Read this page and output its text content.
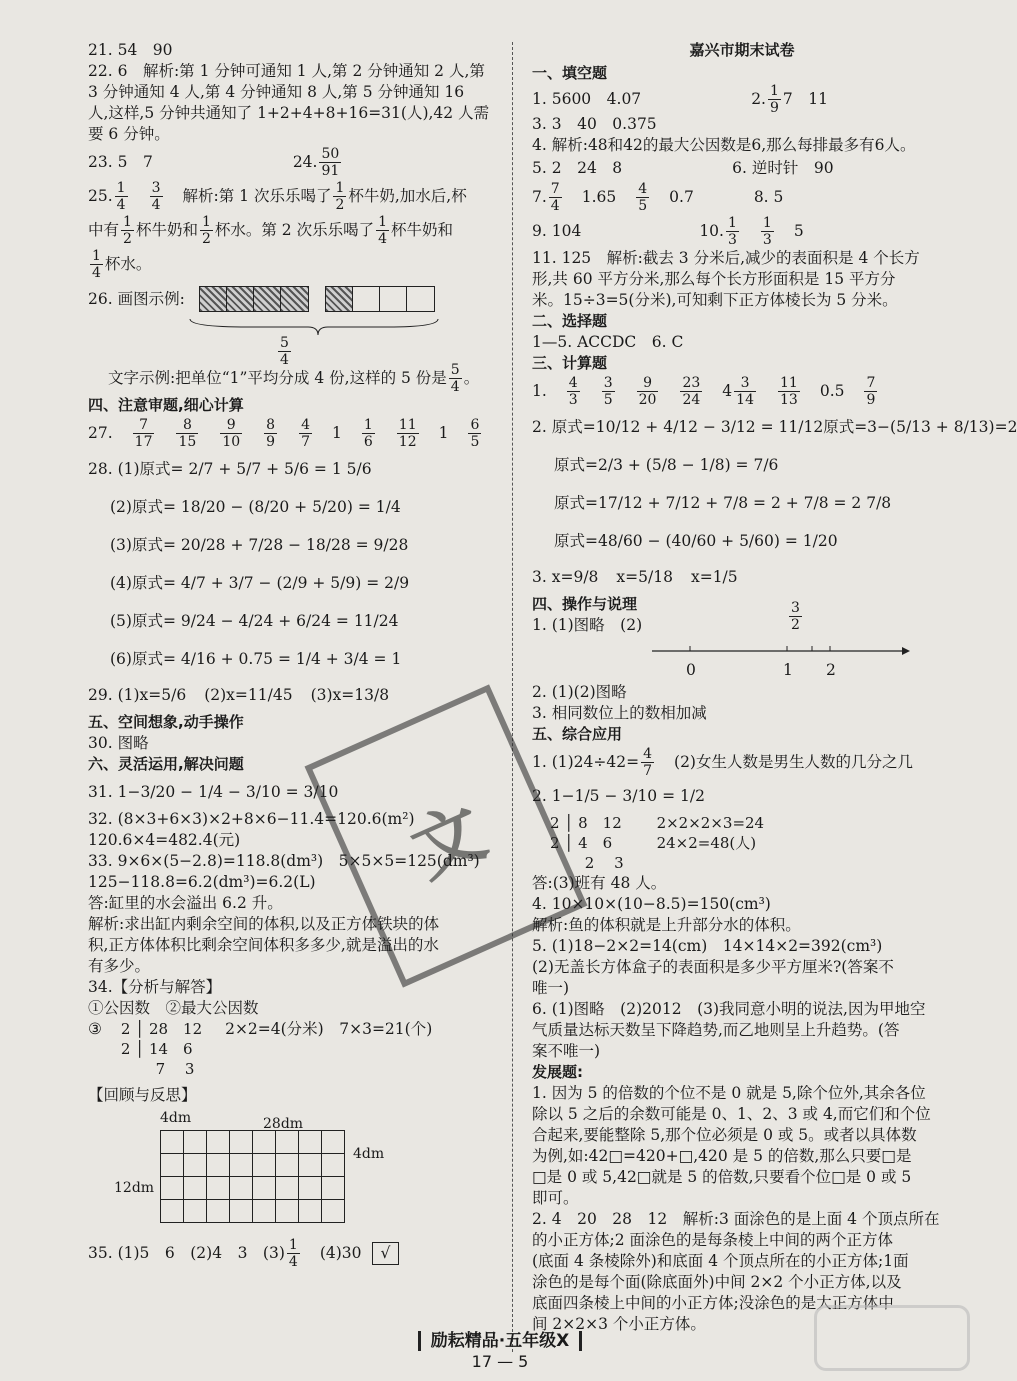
21. 54　90
22. 6　解析:第 1 分钟可通知 1 人,第 2 分钟通知 2 人,第
3 分钟通知 4 人,第 4 分钟通知 8 人,第 5 分钟通知 16
人,这样,5 分钟共通知了 1+2+4+8+16=31(人),42 人需
要 6 分钟。
23. 5　7	24. $\frac{50}{91}$
25. $\frac{1}{4} \frac{3}{4}$ 解析:第 1 次乐乐喝了 $\frac{1}{2}$ 杯牛奶,加水后,杯
中有 $\frac{1}{2}$ 杯牛奶和 $\frac{1}{2}$ 杯水。第 2 次乐乐喝了 $\frac{1}{4}$ 杯牛奶和
$\frac{1}{4}$ 杯水。
26. 画图示例:
$\frac{5}{4}$
文字示例:把单位“1”平均分成 4 份,这样的 5 份是 $\frac{5}{4}$ 。
四、注意审题,细心计算
27. $\frac{7}{17} \frac{8}{15} \frac{9}{10} \frac{8}{9} \frac{4}{7} 1 \frac{1}{6} \frac{11}{12} 1 \frac{6}{5}$
28. (1)原式= 2/7 + 5/7 + 5/6 = 1 5/6
(2)原式= 18/20 − (8/20 + 5/20) = 1/4
(3)原式= 20/28 + 7/28 − 18/28 = 9/28
(4)原式= 4/7 + 3/7 − (2/9 + 5/9) = 2/9
(5)原式= 9/24 − 4/24 + 6/24 = 11/24
(6)原式= 4/16 + 0.75 = 1/4 + 3/4 = 1
29. (1)x= 5/6 (2)x= 11/45 (3)x=1 3/8
五、空间想象,动手操作
30. 图略
六、灵活运用,解决问题
31. 1− 3/20 − 1/4 − 3/10 = 3/10
32. (8×3+6×3)×2+8×6−11.4=120.6(m²)
120.6×4=482.4(元)
33. 9×6×(5−2.8)=118.8(dm³)　5×5×5=125(dm³)
125−118.8=6.2(dm³)=6.2(L)
答:缸里的水会溢出 6.2 升。
解析:求出缸内剩余空间的体积,以及正方体铁块的体
积,正方体体积比剩余空间体积多多少,就是溢出的水
有多少。
34.【分析与解答】
①公因数　②最大公因数
③ 2 │ 28　12
2 │ 14　6
　　 7　 3
2×2=4(分米)　7×3=21(个)
【回顾与反思】
4dm	28dm
4dm
12dm

35. (1)5　6　(2)4　3　$(3) \frac{1}{4} (4)30$	√
嘉兴市期末试卷
一、填空题
1. 5600　4.07	2. $\frac{1}{9} 7$　11
3. 3　40　0.375
4. 解析:48和42的最大公因数是6,那么每排最多有6人。
5. 2　24　8	6. 逆时针　90
7. $\frac{7}{4} 1.65 \frac{4}{5} 0.7$	8. 5
9. 104	10. $\frac{1}{3} \frac{1}{3} 5$
11. 125　解析:截去 3 分米后,减少的表面积是 4 个长方
形,共 60 平方分米,那么每个长方形面积是 15 平方分
米。15÷3=5(分米),可知剩下正方体棱长为 5 分米。
二、选择题
1—5. ACCDC　6. C
三、计算题
1. $\frac{4}{3} \frac{3}{5} \frac{9}{20} \frac{23}{24} 4 \frac{3}{14} \frac{11}{13} 0.5 \frac{7}{9}$
2. 原式= 10/12 + 4/12 − 3/12 = 11/12 原式=3−( 5/13 + 8/13 )=2
原式= 2/3 + (5/8 − 1/8) = 7/6
原式= 17/12 + 7/12 + 7/8 = 2 + 7/8 = 2 7/8
原式= 48/60 − (40/60 + 5/60) = 1/20
3. x= 9/8 x= 5/18 x= 1/5
四、操作与说理
1. (1)图略　(2)	$\frac{3}{2}$
0	1 2
2. (1)(2)图略
3. 相同数位上的数相加减
五、综合应用
1. $(1)24\div 42= \frac{4}{7} (2)$女生人数是男生人数的几分之几
2. 1− 1/5 − 3/10 = 1/2
2 │ 8　12
2 │ 4　6
　　 2　 3

2×2×2×3=24
24×2=48(人)
答:(3)班有 48 人。
4. 10×10×(10−8.5)=150(cm³)
解析:鱼的体积就是上升部分水的体积。
5. (1)18−2×2=14(cm)　14×14×2=392(cm³)
(2)无盖长方体盒子的表面积是多少平方厘米?(答案不
唯一)
6. (1)图略　(2)2012　(3)我同意小明的说法,因为甲地空
气质量达标天数呈下降趋势,而乙地则呈上升趋势。(答
案不唯一)
发展题:
1. 因为 5 的倍数的个位不是 0 就是 5,除个位外,其余各位
除以 5 之后的余数可能是 0、1、2、3 或 4,而它们和个位
合起来,要能整除 5,那个位必须是 0 或 5。或者以具体数
为例,如:42□=420+□,420 是 5 的倍数,那么只要□是
□是 0 或 5,42□就是 5 的倍数,只要看个位□是 0 或 5
即可。
2. 4　20　28　12　解析:3 面涂色的是上面 4 个顶点所在
的小正方体;2 面涂色的是每条棱上中间的两个正方体
(底面 4 条棱除外)和底面 4 个顶点所在的小正方体;1面
涂色的是每个面(除底面外)中间 2×2 个小正方体,以及
底面四条棱上中间的小正方体;没涂色的是大正方体中
间 2×2×3 个小正方体。
文
励耘精品·五年级X
17 — 5
